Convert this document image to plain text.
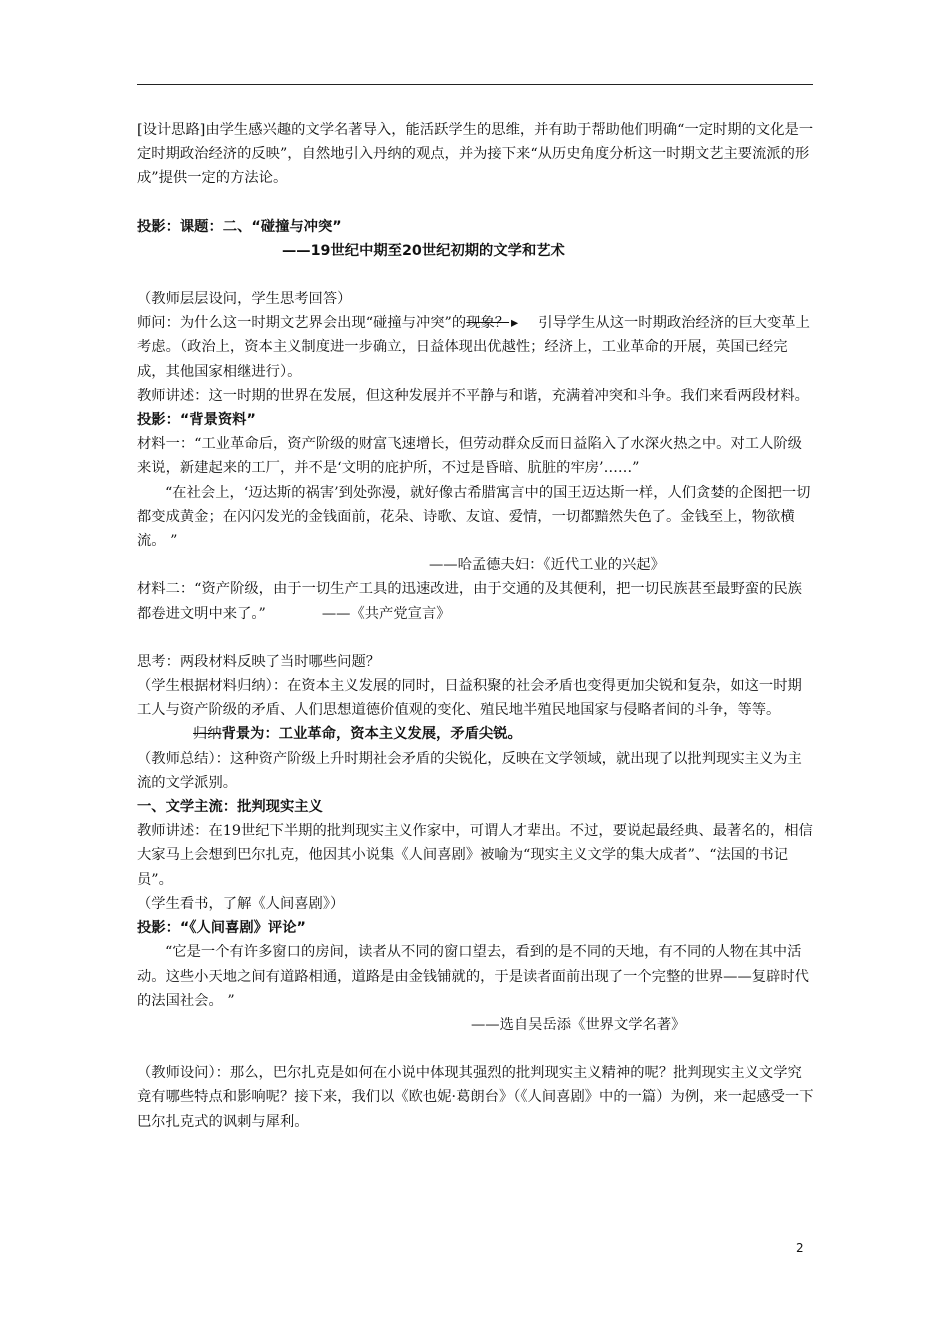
[设计思路]由学生感兴趣的文学名著导入，能活跃学生的思维，并有助于帮助他们明确“一定时期的文化是一定时期政治经济的反映”，自然地引入丹纳的观点，并为接下来“从历史角度分析这一时期文艺主要流派的形成”提供一定的方法论。

投影：课题：二、“碰撞与冲突”

——19世纪中期至20世纪初期的文学和艺术

（教师层层设问，学生思考回答）

师问：为什么这一时期文艺界会出现“碰撞与冲突”的现象？ ▸ 引导学生从这一时期政治经济的巨大变革上考虑。（政治上，资本主义制度进一步确立，日益体现出优越性；经济上，工业革命的开展，英国已经完成，其他国家相继进行）。

教师讲述：这一时期的世界在发展，但这种发展并不平静与和谐，充满着冲突和斗争。我们来看两段材料。

投影：“背景资料”

材料一：“工业革命后，资产阶级的财富飞速增长，但劳动群众反而日益陷入了水深火热之中。对工人阶级来说，新建起来的工厂，并不是‘文明的庇护所，不过是昏暗、肮脏的牢房’……”

“在社会上，‘迈达斯的祸害’到处弥漫，就好像古希腊寓言中的国王迈达斯一样，人们贪婪的企图把一切都变成黄金；在闪闪发光的金钱面前，花朵、诗歌、友谊、爱情，一切都黯然失色了。金钱至上，物欲横流。 ”

——哈孟德夫妇：《近代工业的兴起》

材料二：“资产阶级，由于一切生产工具的迅速改进，由于交通的及其便利，把一切民族甚至最野蛮的民族都卷进文明中来了。”	——《共产党宣言》

思考：两段材料反映了当时哪些问题？

（学生根据材料归纳）：在资本主义发展的同时，日益积聚的社会矛盾也变得更加尖锐和复杂，如这一时期工人与资产阶级的矛盾、人们思想道德价值观的变化、殖民地半殖民地国家与侵略者间的斗争，等等。归纳背景为：工业革命，资本主义发展，矛盾尖锐。

（教师总结）：这种资产阶级上升时期社会矛盾的尖锐化，反映在文学领域，就出现了以批判现实主义为主流的文学派别。

一、文学主流：批判现实主义

教师讲述：在19世纪下半期的批判现实主义作家中，可谓人才辈出。不过，要说起最经典、最著名的，相信大家马上会想到巴尔扎克，他因其小说集《人间喜剧》被喻为“现实主义文学的集大成者”、“法国的书记员”。

（学生看书，了解《人间喜剧》）

投影：“《人间喜剧》评论”

“它是一个有许多窗口的房间，读者从不同的窗口望去，看到的是不同的天地，有不同的人物在其中活动。这些小天地之间有道路相通，道路是由金钱铺就的，于是读者面前出现了一个完整的世界——复辟时代的法国社会。 ”

——选自吴岳添《世界文学名著》

（教师设问）：那么，巴尔扎克是如何在小说中体现其强烈的批判现实主义精神的呢？批判现实主义文学究竟有哪些特点和影响呢？接下来，我们以《欧也妮·葛朗台》（《人间喜剧》中的一篇）为例，来一起感受一下巴尔扎克式的讽刺与犀利。

2
